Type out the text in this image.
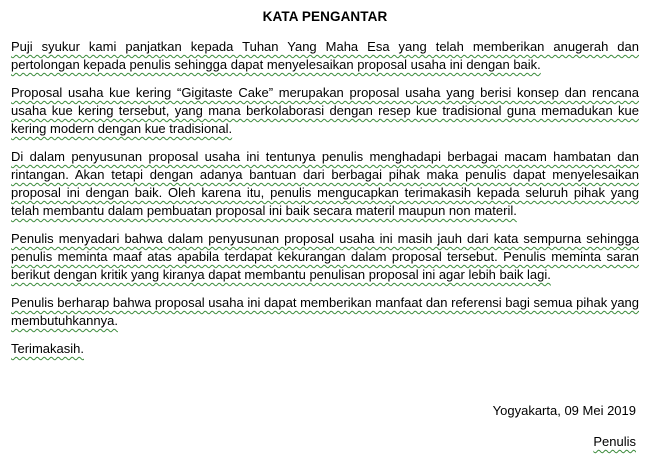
KATA PENGANTAR

Puji syukur kami panjatkan kepada Tuhan Yang Maha Esa yang telah memberikan anugerah dan pertolongan kepada penulis sehingga dapat menyelesaikan proposal usaha ini dengan baik.

Proposal usaha kue kering “Gigitaste Cake” merupakan proposal usaha yang berisi konsep dan rencana usaha kue kering tersebut, yang mana berkolaborasi dengan resep kue tradisional guna memadukan kue kering modern dengan kue tradisional.

Di dalam penyusunan proposal usaha ini tentunya penulis menghadapi berbagai macam hambatan dan rintangan. Akan tetapi dengan adanya bantuan dari berbagai pihak maka penulis dapat menyelesaikan proposal ini dengan baik. Oleh karena itu, penulis mengucapkan terimakasih kepada seluruh pihak yang telah membantu dalam pembuatan proposal ini baik secara materil maupun non materil.

Penulis menyadari bahwa dalam penyusunan proposal usaha ini masih jauh dari kata sempurna sehingga penulis meminta maaf atas apabila terdapat kekurangan dalam proposal tersebut. Penulis meminta saran berikut dengan kritik yang kiranya dapat membantu penulisan proposal ini agar lebih baik lagi.

Penulis berharap bahwa proposal usaha ini dapat memberikan manfaat dan referensi bagi semua pihak yang membutuhkannya.

Terimakasih.

Yogyakarta, 09 Mei 2019

Penulis
